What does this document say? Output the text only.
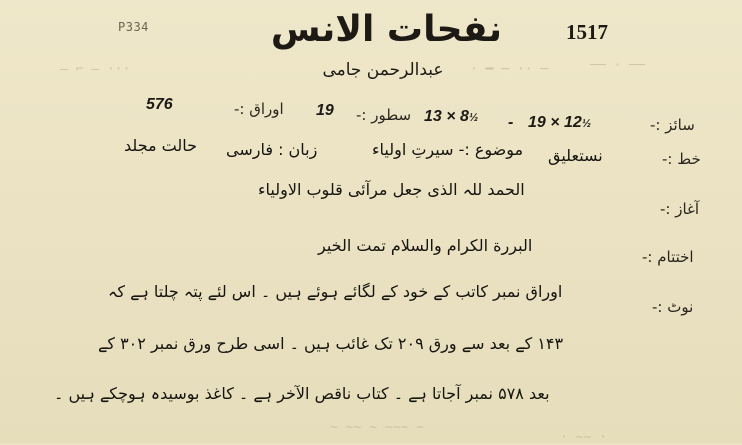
— ⌐ — ···	· ━ ─ ·· ─	── · ──
P334	نفحات الانس	1517
عبدالرحمن جامی
سائز :-
19 × 12½
-
13 × 8½
سطور :-
19
اوراق :-
576
خط :-
نستعلیق
موضوع :- سیرتِ اولیاء
زبان : فارسی
حالت مجلد
آغاز :-
الحمد للہ الذی جعل مرآئی قلوب الاولیاء
اختتام :-
البررة الکرام والسلام تمت الخیر
نوٹ :-
اوراق نمبر کاتب کے خود کے لگائے ہوئے ہیں ۔ اس لئے پتہ چلتا ہے کہ
۱۴۳ کے بعد سے ورق ۲۰۹ تک غائب ہیں ۔ اسی طرح ورق نمبر ۳۰۲ کے
بعد ۵۷۸ نمبر آجاتا ہے ۔ کتاب ناقص الآخر ہے ۔ کاغذ بوسیدہ ہوچکے ہیں ۔
~ ~~ ~ ~~~ ~
· ~~ ·
